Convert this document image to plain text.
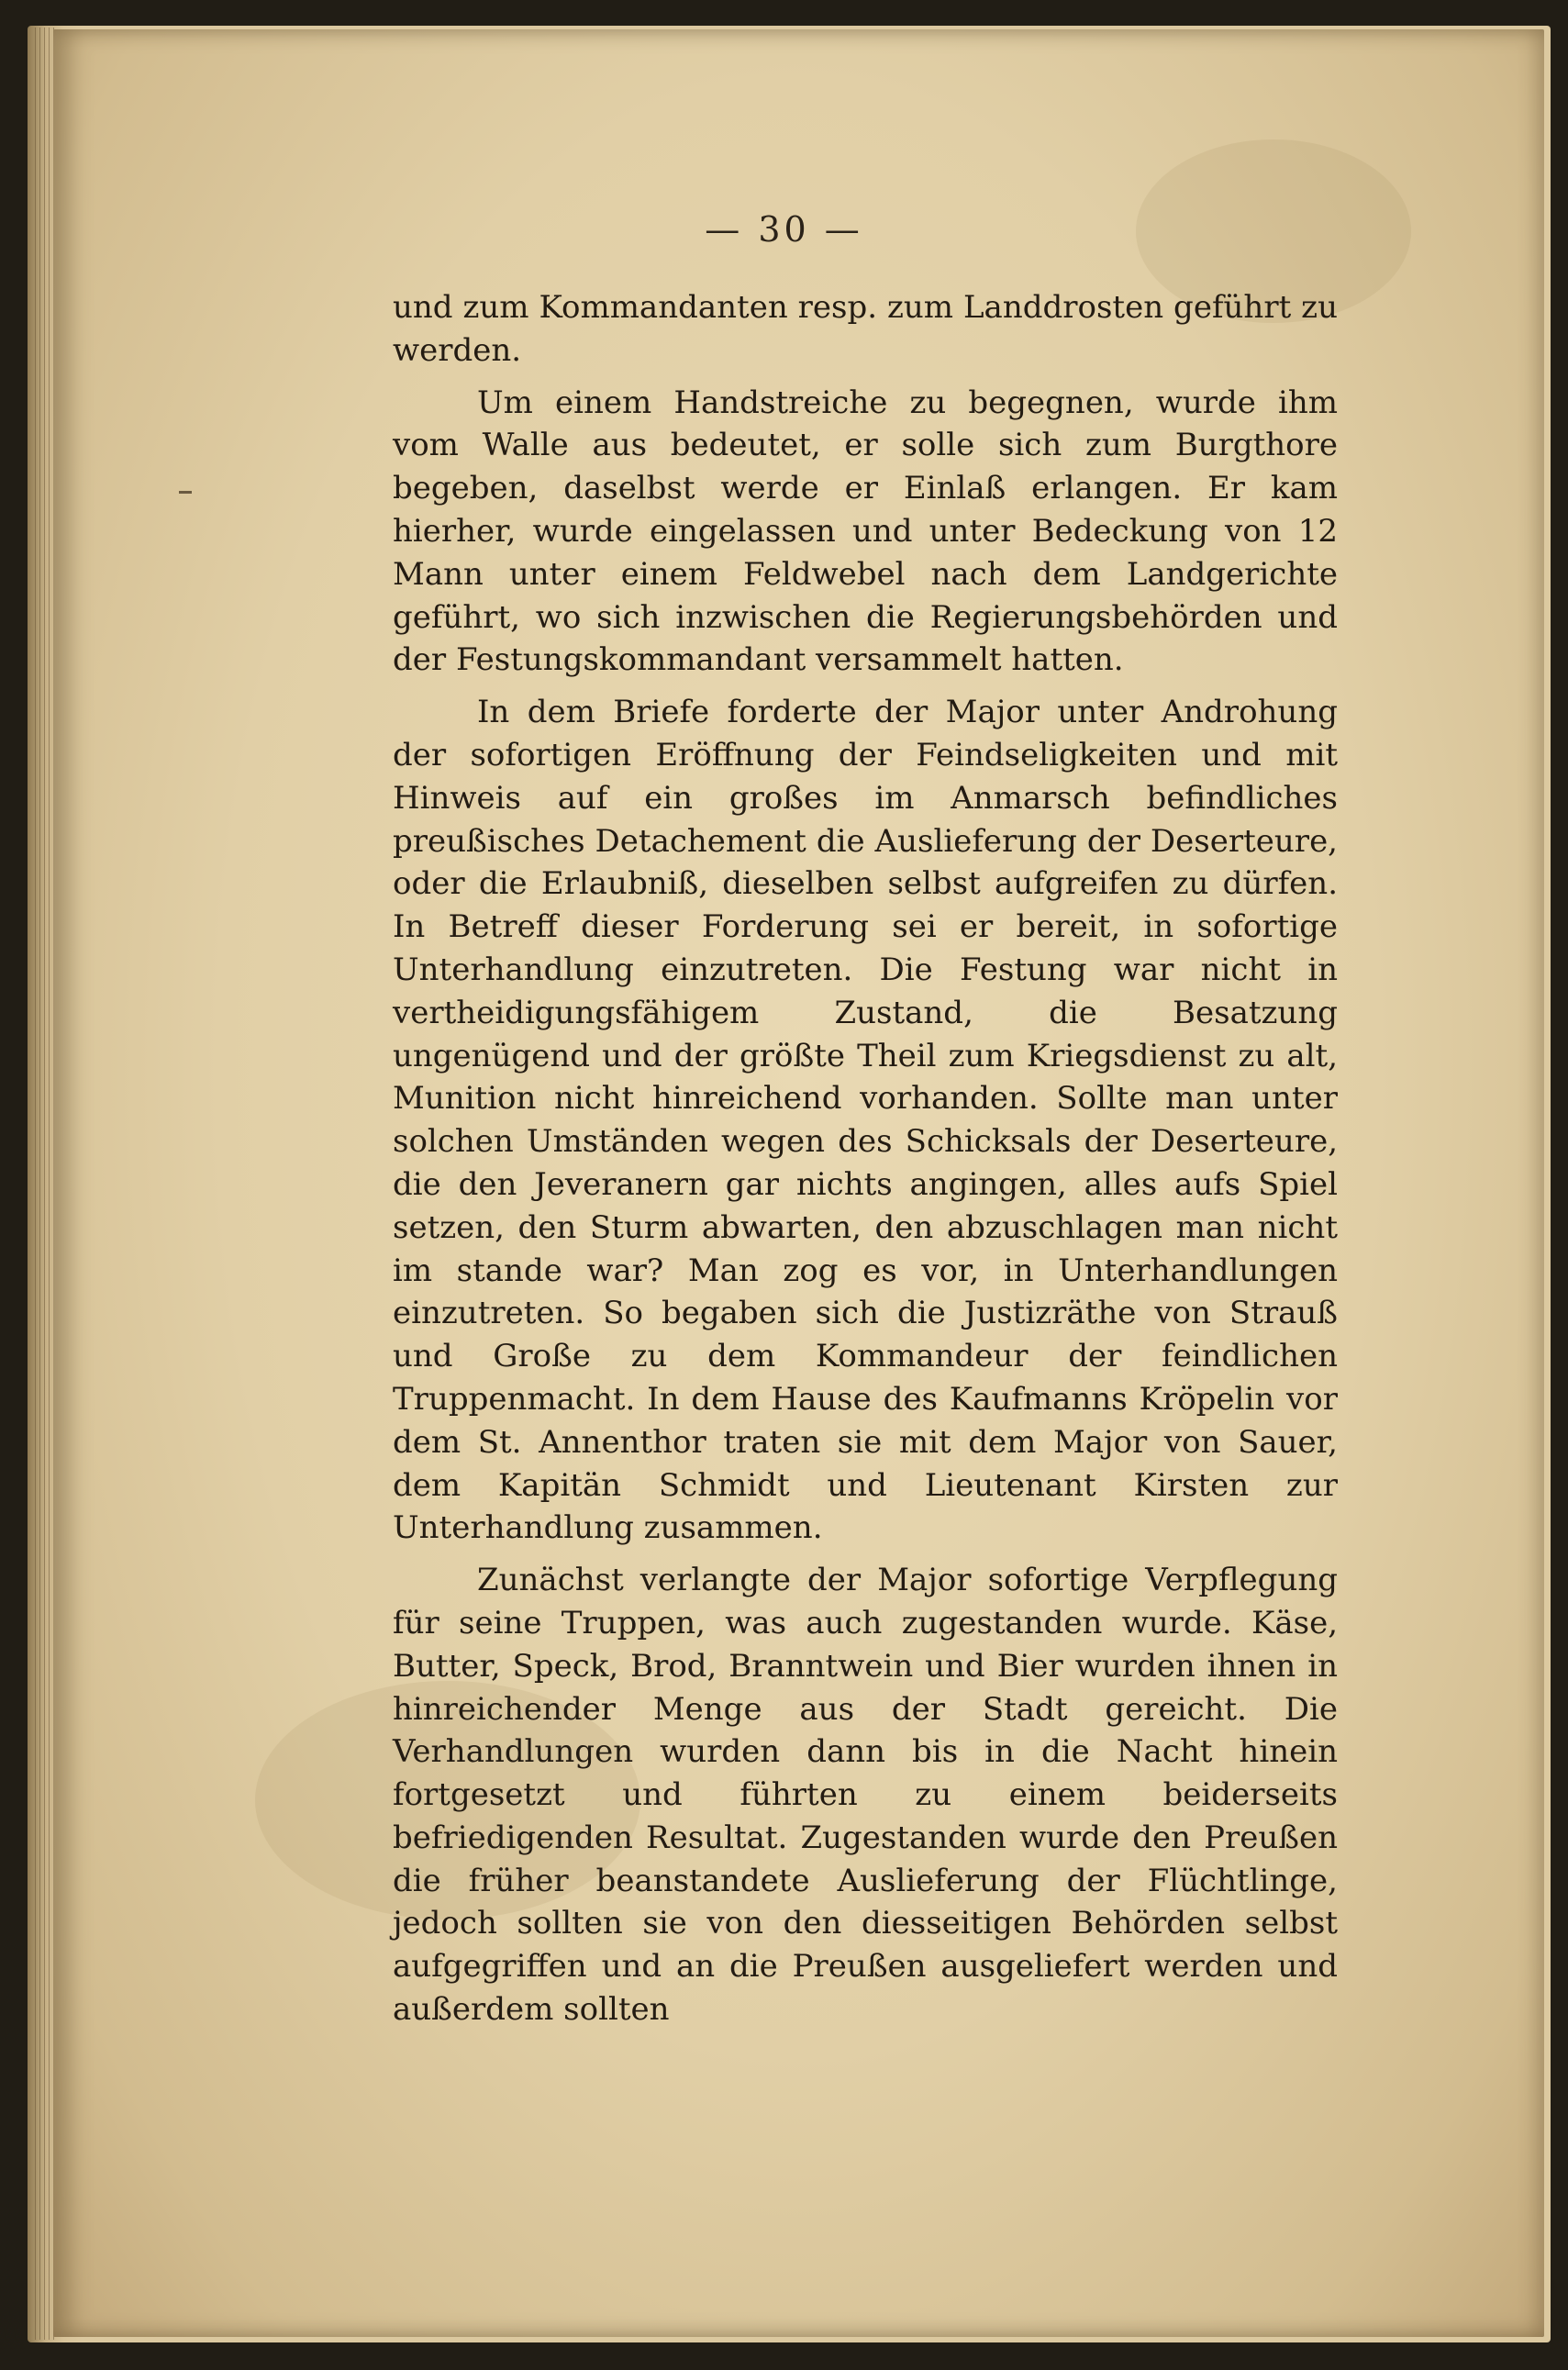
— 30 —

und zum Kommandanten resp. zum Landdrosten geführt zu werden.

Um einem Handstreiche zu begegnen, wurde ihm vom Walle aus bedeutet, er solle sich zum Burgthore begeben, daselbst werde er Einlaß erlangen. Er kam hierher, wurde eingelassen und unter Bedeckung von 12 Mann unter einem Feldwebel nach dem Landgerichte geführt, wo sich inzwischen die Regierungsbehörden und der Festungskommandant versammelt hatten.

In dem Briefe forderte der Major unter Androhung der sofortigen Eröffnung der Feindseligkeiten und mit Hinweis auf ein großes im Anmarsch befindliches preußisches Detachement die Auslieferung der Deserteure, oder die Erlaubniß, dieselben selbst aufgreifen zu dürfen. In Betreff dieser Forderung sei er bereit, in sofortige Unterhandlung einzutreten. Die Festung war nicht in vertheidigungsfähigem Zustand, die Besatzung ungenügend und der größte Theil zum Kriegsdienst zu alt, Munition nicht hinreichend vorhanden. Sollte man unter solchen Umständen wegen des Schicksals der Deserteure, die den Jeveranern gar nichts angingen, alles aufs Spiel setzen, den Sturm abwarten, den abzuschlagen man nicht im stande war? Man zog es vor, in Unterhandlungen einzutreten. So begaben sich die Justizräthe von Strauß und Große zu dem Kommandeur der feindlichen Truppenmacht. In dem Hause des Kaufmanns Kröpelin vor dem St. Annenthor traten sie mit dem Major von Sauer, dem Kapitän Schmidt und Lieutenant Kirsten zur Unterhandlung zusammen.

Zunächst verlangte der Major sofortige Verpflegung für seine Truppen, was auch zugestanden wurde. Käse, Butter, Speck, Brod, Branntwein und Bier wurden ihnen in hinreichender Menge aus der Stadt gereicht. Die Verhandlungen wurden dann bis in die Nacht hinein fortgesetzt und führten zu einem beiderseits befriedigenden Resultat. Zugestanden wurde den Preußen die früher beanstandete Auslieferung der Flüchtlinge, jedoch sollten sie von den diesseitigen Behörden selbst aufgegriffen und an die Preußen ausgeliefert werden und außerdem sollten
